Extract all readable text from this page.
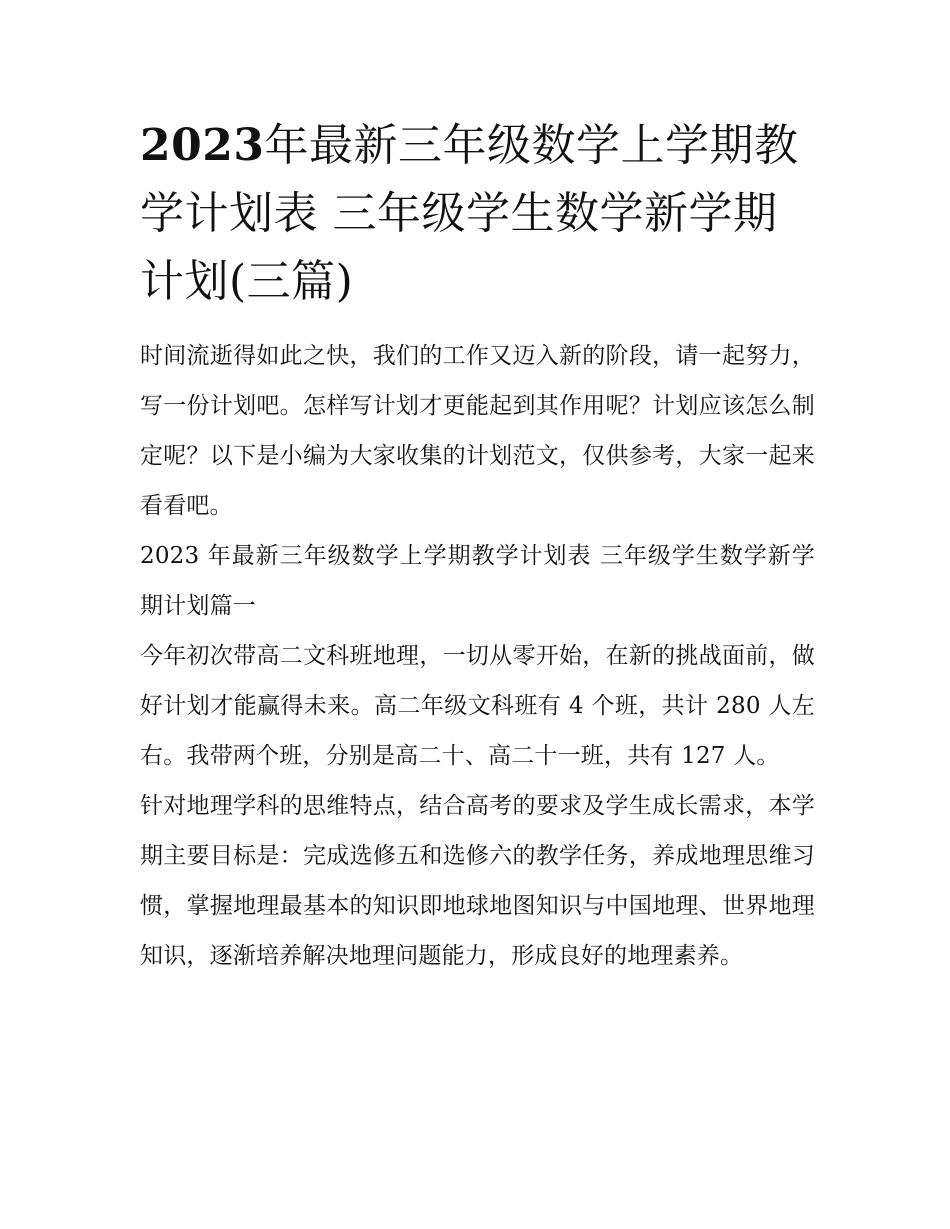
2023年最新三年级数学上学期教学计划表 三年级学生数学新学期计划(三篇)

时间流逝得如此之快，我们的工作又迈入新的阶段，请一起努力，写一份计划吧。怎样写计划才更能起到其作用呢？计划应该怎么制定呢？以下是小编为大家收集的计划范文，仅供参考，大家一起来看看吧。

2023 年最新三年级数学上学期教学计划表 三年级学生数学新学期计划篇一

今年初次带高二文科班地理，一切从零开始，在新的挑战面前，做好计划才能赢得未来。高二年级文科班有 4 个班，共计 280 人左右。我带两个班，分别是高二十、高二十一班，共有 127 人。

针对地理学科的思维特点，结合高考的要求及学生成长需求，本学期主要目标是：完成选修五和选修六的教学任务，养成地理思维习惯，掌握地理最基本的知识即地球地图知识与中国地理、世界地理知识，逐渐培养解决地理问题能力，形成良好的地理素养。
